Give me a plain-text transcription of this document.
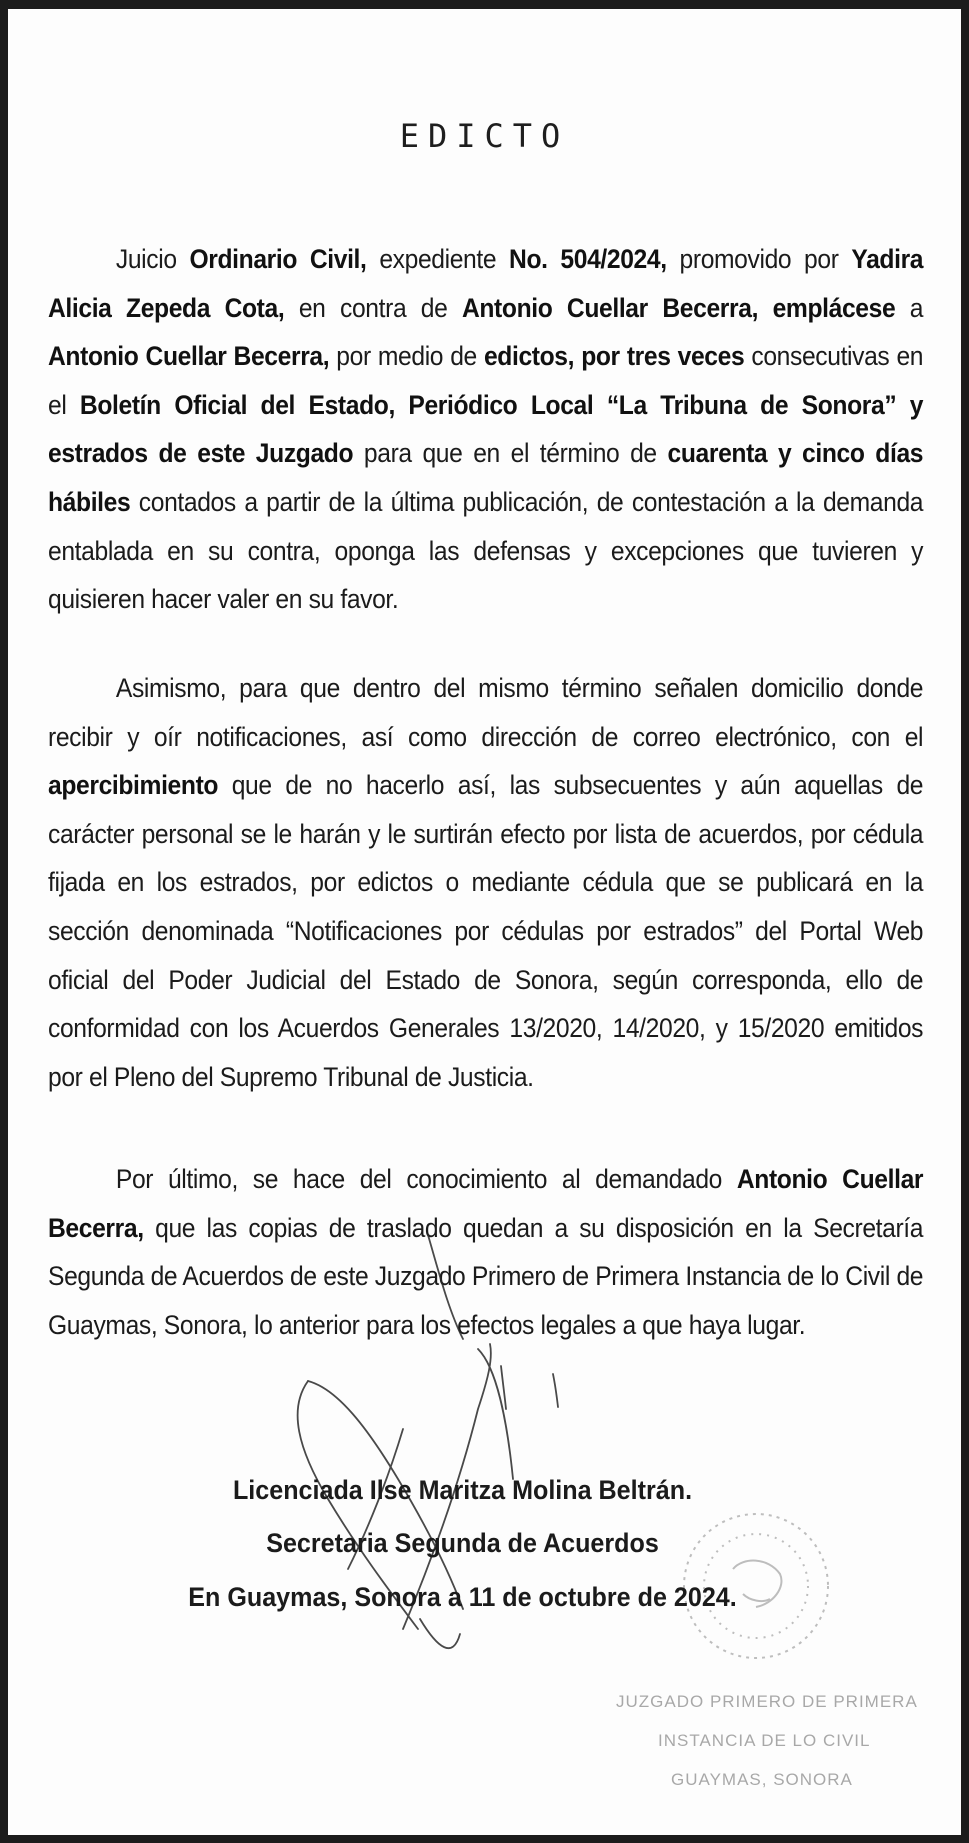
EDICTO
Juicio Ordinario Civil, expediente No. 504/2024, promovido por Yadira Alicia Zepeda Cota, en contra de Antonio Cuellar Becerra, emplácese a Antonio Cuellar Becerra, por medio de edictos, por tres veces consecutivas en el Boletín Oficial del Estado, Periódico Local “La Tribuna de Sonora” y estrados de este Juzgado para que en el término de cuarenta y cinco días hábiles contados a partir de la última publicación, de contestación a la demanda entablada en su contra, oponga las defensas y excepciones que tuvieren y quisieren hacer valer en su favor.
Asimismo, para que dentro del mismo término señalen domicilio donde recibir y oír notificaciones, así como dirección de correo electrónico, con el apercibimiento que de no hacerlo así, las subsecuentes y aún aquellas de carácter personal se le harán y le surtirán efecto por lista de acuerdos, por cédula fijada en los estrados, por edictos o mediante cédula que se publicará en la sección denominada “Notificaciones por cédulas por estrados” del Portal Web oficial del Poder Judicial del Estado de Sonora, según corresponda, ello de conformidad con los Acuerdos Generales 13/2020, 14/2020, y 15/2020 emitidos por el Pleno del Supremo Tribunal de Justicia.
Por último, se hace del conocimiento al demandado Antonio Cuellar Becerra, que las copias de traslado quedan a su disposición en la Secretaría Segunda de Acuerdos de este Juzgado Primero de Primera Instancia de lo Civil de Guaymas, Sonora, lo anterior para los efectos legales a que haya lugar.
Licenciada Ilse Maritza Molina Beltrán.
Secretaria Segunda de Acuerdos
En Guaymas, Sonora a 11 de octubre de 2024.
JUZGADO PRIMERO DE PRIMERA
INSTANCIA DE LO CIVIL
GUAYMAS, SONORA
